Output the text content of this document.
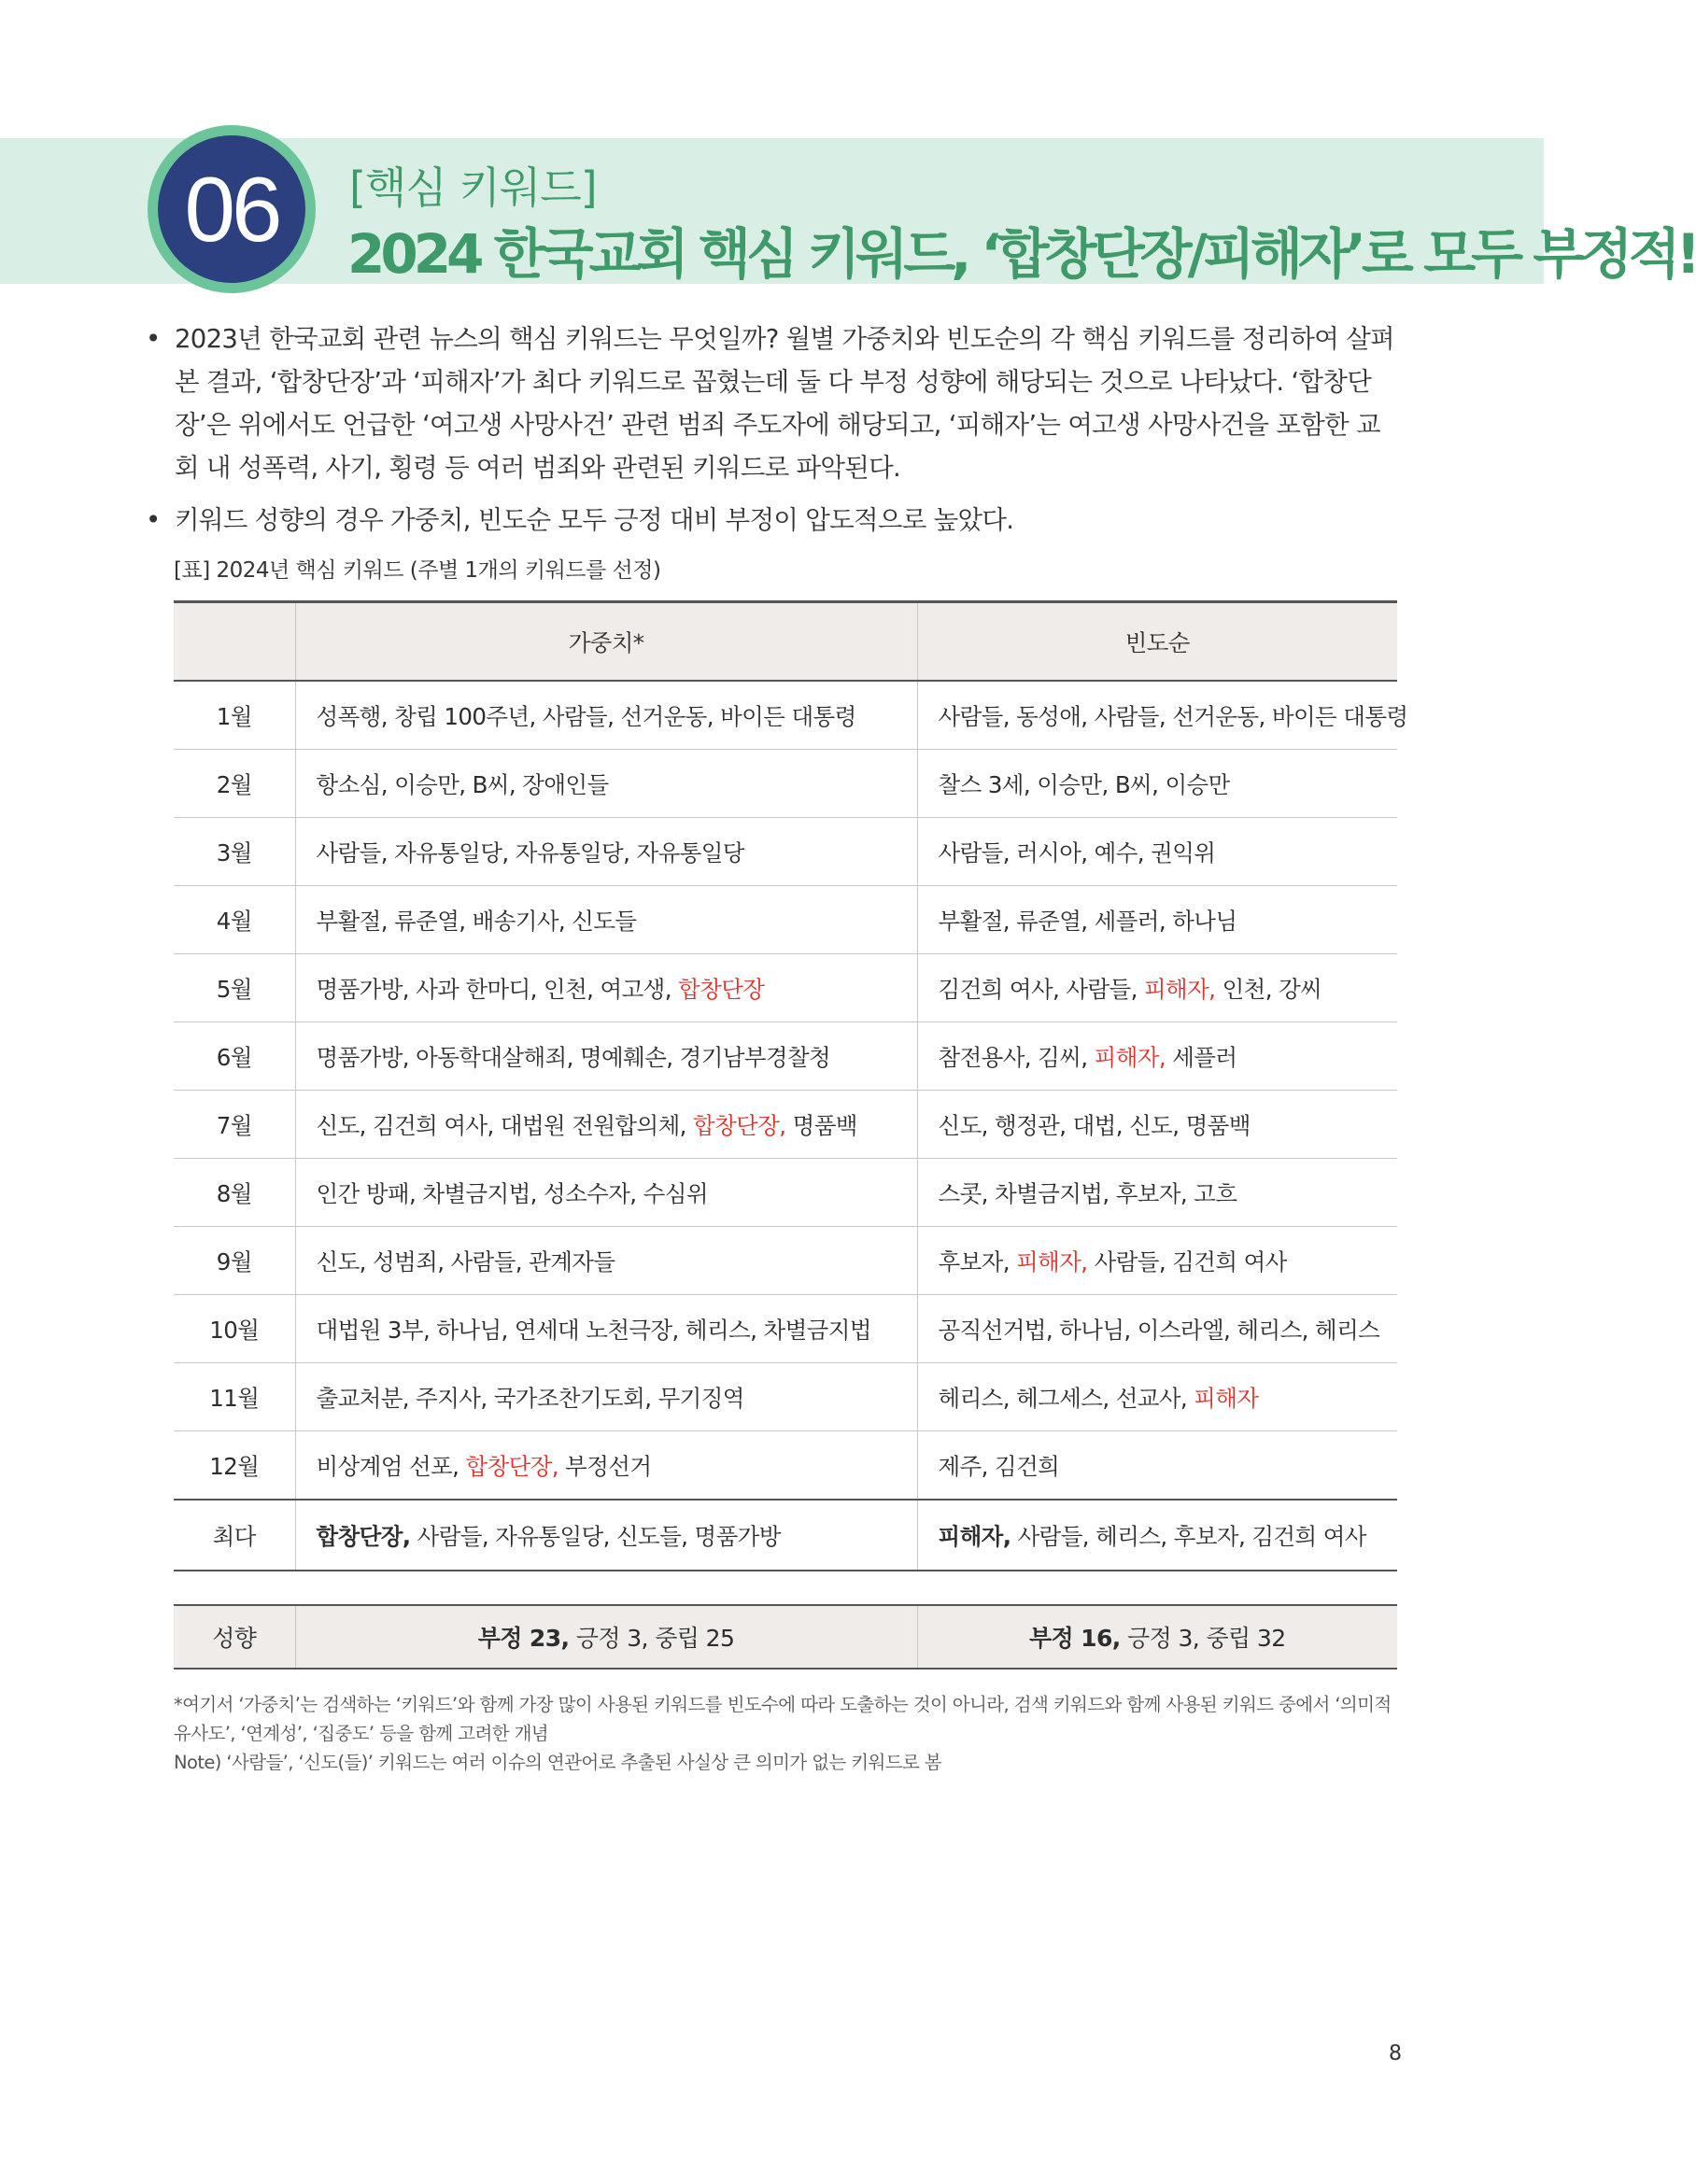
06	[핵심 키워드]
2024 한국교회 핵심 키워드, ‘합창단장/피해자’로 모두 부정적!
• 2023년 한국교회 관련 뉴스의 핵심 키워드는 무엇일까? 월별 가중치와 빈도순의 각 핵심 키워드를 정리하여 살펴본 결과, ‘합창단장’과 ‘피해자’가 최다 키워드로 꼽혔는데 둘 다 부정 성향에 해당되는 것으로 나타났다. ‘합창단장’은 위에서도 언급한 ‘여고생 사망사건’ 관련 범죄 주도자에 해당되고, ‘피해자’는 여고생 사망사건을 포함한 교회 내 성폭력, 사기, 횡령 등 여러 범죄와 관련된 키워드로 파악된다.
• 키워드 성향의 경우 가중치, 빈도순 모두 긍정 대비 부정이 압도적으로 높았다.
[표] 2024년 핵심 키워드 (주별 1개의 키워드를 선정)
	가중치*	빈도순
1월	성폭행, 창립 100주년, 사람들, 선거운동, 바이든 대통령	사람들, 동성애, 사람들, 선거운동, 바이든 대통령
2월	항소심, 이승만, B씨, 장애인들	찰스 3세, 이승만, B씨, 이승만
3월	사람들, 자유통일당, 자유통일당, 자유통일당	사람들, 러시아, 예수, 권익위
4월	부활절, 류준열, 배송기사, 신도들	부활절, 류준열, 세플러, 하나님
5월	명품가방, 사과 한마디, 인천, 여고생, 합창단장	김건희 여사, 사람들, 피해자, 인천, 강씨
6월	명품가방, 아동학대살해죄, 명예훼손, 경기남부경찰청	참전용사, 김씨, 피해자, 세플러
7월	신도, 김건희 여사, 대법원 전원합의체, 합창단장, 명품백	신도, 행정관, 대법, 신도, 명품백
8월	인간 방패, 차별금지법, 성소수자, 수심위	스콧, 차별금지법, 후보자, 고흐
9월	신도, 성범죄, 사람들, 관계자들	후보자, 피해자, 사람들, 김건희 여사
10월	대법원 3부, 하나님, 연세대 노천극장, 헤리스, 차별금지법	공직선거법, 하나님, 이스라엘, 헤리스, 헤리스
11월	출교처분, 주지사, 국가조찬기도회, 무기징역	헤리스, 헤그세스, 선교사, 피해자
12월	비상계엄 선포, 합창단장, 부정선거	제주, 김건희
최다	합창단장, 사람들, 자유통일당, 신도들, 명품가방	피해자, 사람들, 헤리스, 후보자, 김건희 여사
성향	부정 23, 긍정 3, 중립 25	부정 16, 긍정 3, 중립 32
*여기서 ‘가중치’는 검색하는 ‘키워드’와 함께 가장 많이 사용된 키워드를 빈도수에 따라 도출하는 것이 아니라, 검색 키워드와 함께 사용된 키워드 중에서 ‘의미적 유사도’, ‘연계성’, ‘집중도’ 등을 함께 고려한 개념
Note) ‘사람들’, ‘신도(들)’ 키워드는 여러 이슈의 연관어로 추출된 사실상 큰 의미가 없는 키워드로 봄
8
